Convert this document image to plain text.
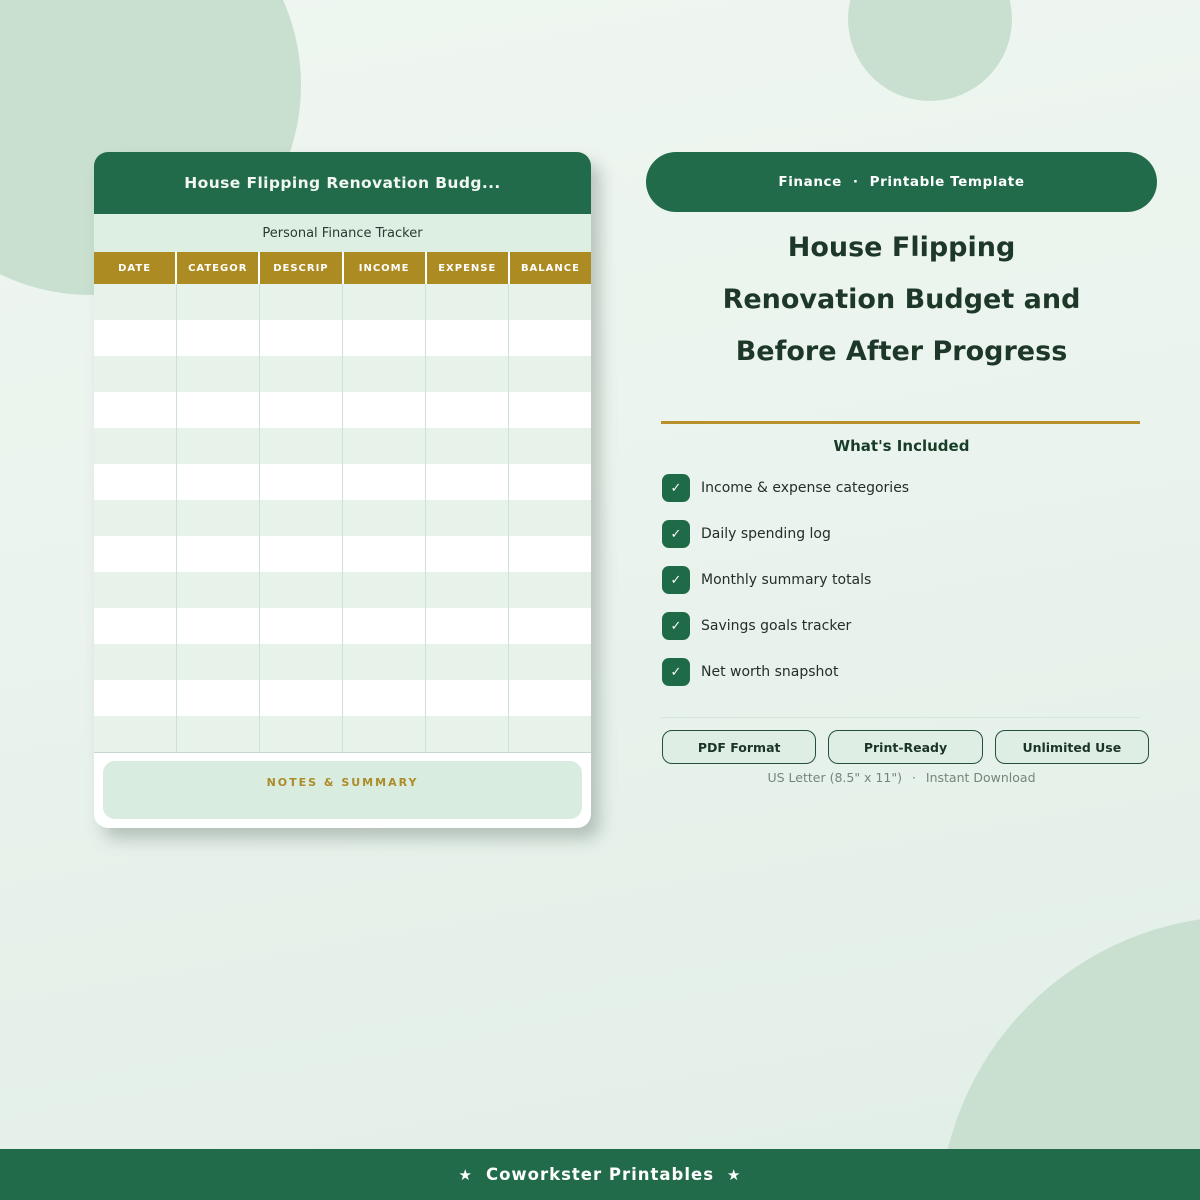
House Flipping Renovation Budg...
Personal Finance Tracker
DATE	CATEGOR	DESCRIP	INCOME	EXPENSE	BALANCE
NOTES & SUMMARY
Finance · Printable Template
House Flipping
Renovation Budget and
Before After Progress
What's Included
✓	Income & expense categories
✓	Daily spending log
✓	Monthly summary totals
✓	Savings goals tracker
✓	Net worth snapshot
PDF Format	Print-Ready	Unlimited Use
US Letter (8.5" x 11") · Instant Download
★ Coworkster Printables ★
